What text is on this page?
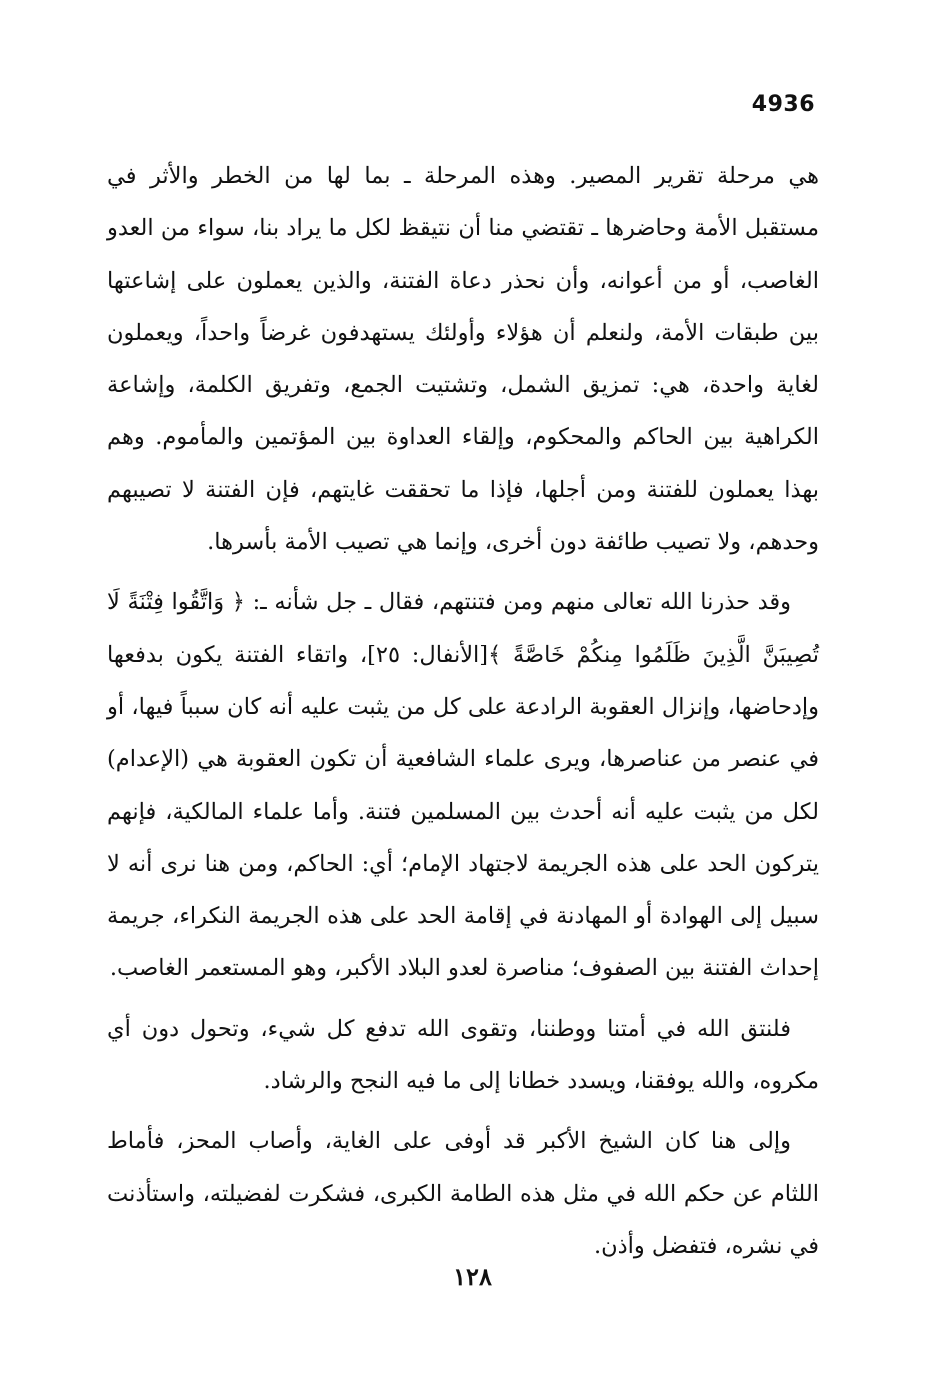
4936

هي مرحلة تقرير المصير. وهذه المرحلة ـ بما لها من الخطر والأثر في مستقبل الأمة وحاضرها ـ تقتضي منا أن نتيقظ لكل ما يراد بنا، سواء من العدو الغاصب، أو من أعوانه، وأن نحذر دعاة الفتنة، والذين يعملون على إشاعتها بين طبقات الأمة، ولنعلم أن هؤلاء وأولئك يستهدفون غرضاً واحداً، ويعملون لغاية واحدة، هي: تمزيق الشمل، وتشتيت الجمع، وتفريق الكلمة، وإشاعة الكراهية بين الحاكم والمحكوم، وإلقاء العداوة بين المؤتمين والمأموم. وهم بهذا يعملون للفتنة ومن أجلها، فإذا ما تحققت غايتهم، فإن الفتنة لا تصيبهم وحدهم، ولا تصيب طائفة دون أخرى، وإنما هي تصيب الأمة بأسرها.

وقد حذرنا الله تعالى منهم ومن فتنتهم، فقال ـ جل شأنه ـ: ﴿ وَاتَّقُوا فِتْنَةً لَا تُصِيبَنَّ الَّذِينَ ظَلَمُوا مِنكُمْ خَاصَّةً ﴾[الأنفال: ٢٥]، واتقاء الفتنة يكون بدفعها وإدحاضها، وإنزال العقوبة الرادعة على كل من يثبت عليه أنه كان سبباً فيها، أو في عنصر من عناصرها، ويرى علماء الشافعية أن تكون العقوبة هي (الإعدام) لكل من يثبت عليه أنه أحدث بين المسلمين فتنة. وأما علماء المالكية، فإنهم يتركون الحد على هذه الجريمة لاجتهاد الإمام؛ أي: الحاكم، ومن هنا نرى أنه لا سبيل إلى الهوادة أو المهادنة في إقامة الحد على هذه الجريمة النكراء، جريمة إحداث الفتنة بين الصفوف؛ مناصرة لعدو البلاد الأكبر، وهو المستعمر الغاصب.

فلنتق الله في أمتنا ووطننا، وتقوى الله تدفع كل شيء، وتحول دون أي مكروه، والله يوفقنا، ويسدد خطانا إلى ما فيه النجح والرشاد.

وإلى هنا كان الشيخ الأكبر قد أوفى على الغاية، وأصاب المحز، فأماط اللثام عن حكم الله في مثل هذه الطامة الكبرى، فشكرت لفضيلته، واستأذنت في نشره، فتفضل وأذن.

١٢٨
